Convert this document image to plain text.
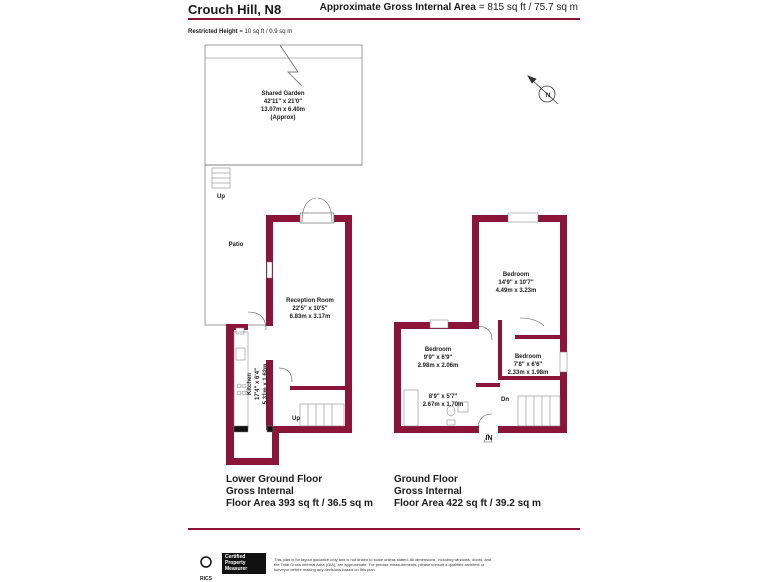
Crouch Hill, N8	Approximate Gross Internal Area = 815 sq ft / 75.7 sq m
Restricted Height = 10 sq ft / 0.9 sq m
N
Shared Garden
42'11" x 21'0"
13.07m x 6.40m
(Approx)
Patio
Up
Reception Room
22'5" x 10'5"
6.83m x 3.17m
Kitchen 17'4" x 6'4" 5.31m x 1.62m
Up
Bedroom
14'9" x 10'7"
4.49m x 3.23m
Bedroom
9'9" x 6'9"
2.98m x 2.06m
Bedroom
7'8" x 6'6"
2.33m x 1.98m
8'9" x 5'7"
2.67m x 1.70m
Dn
IN
Lower Ground Floor
Gross Internal
Floor Area 393 sq ft / 36.5 sq m
Ground Floor
Gross Internal
Floor Area 422 sq ft / 39.2 sq m
RICS
Certified
Property
Measurer
This plan is for layout guidance only and is not drawn to scale unless stated. All dimensions, including windows, doors, and the Total Gross Internal Area (GIA), are approximate. For precise measurements, please consult a qualified architect or surveyor before making any decisions based on this plan.
